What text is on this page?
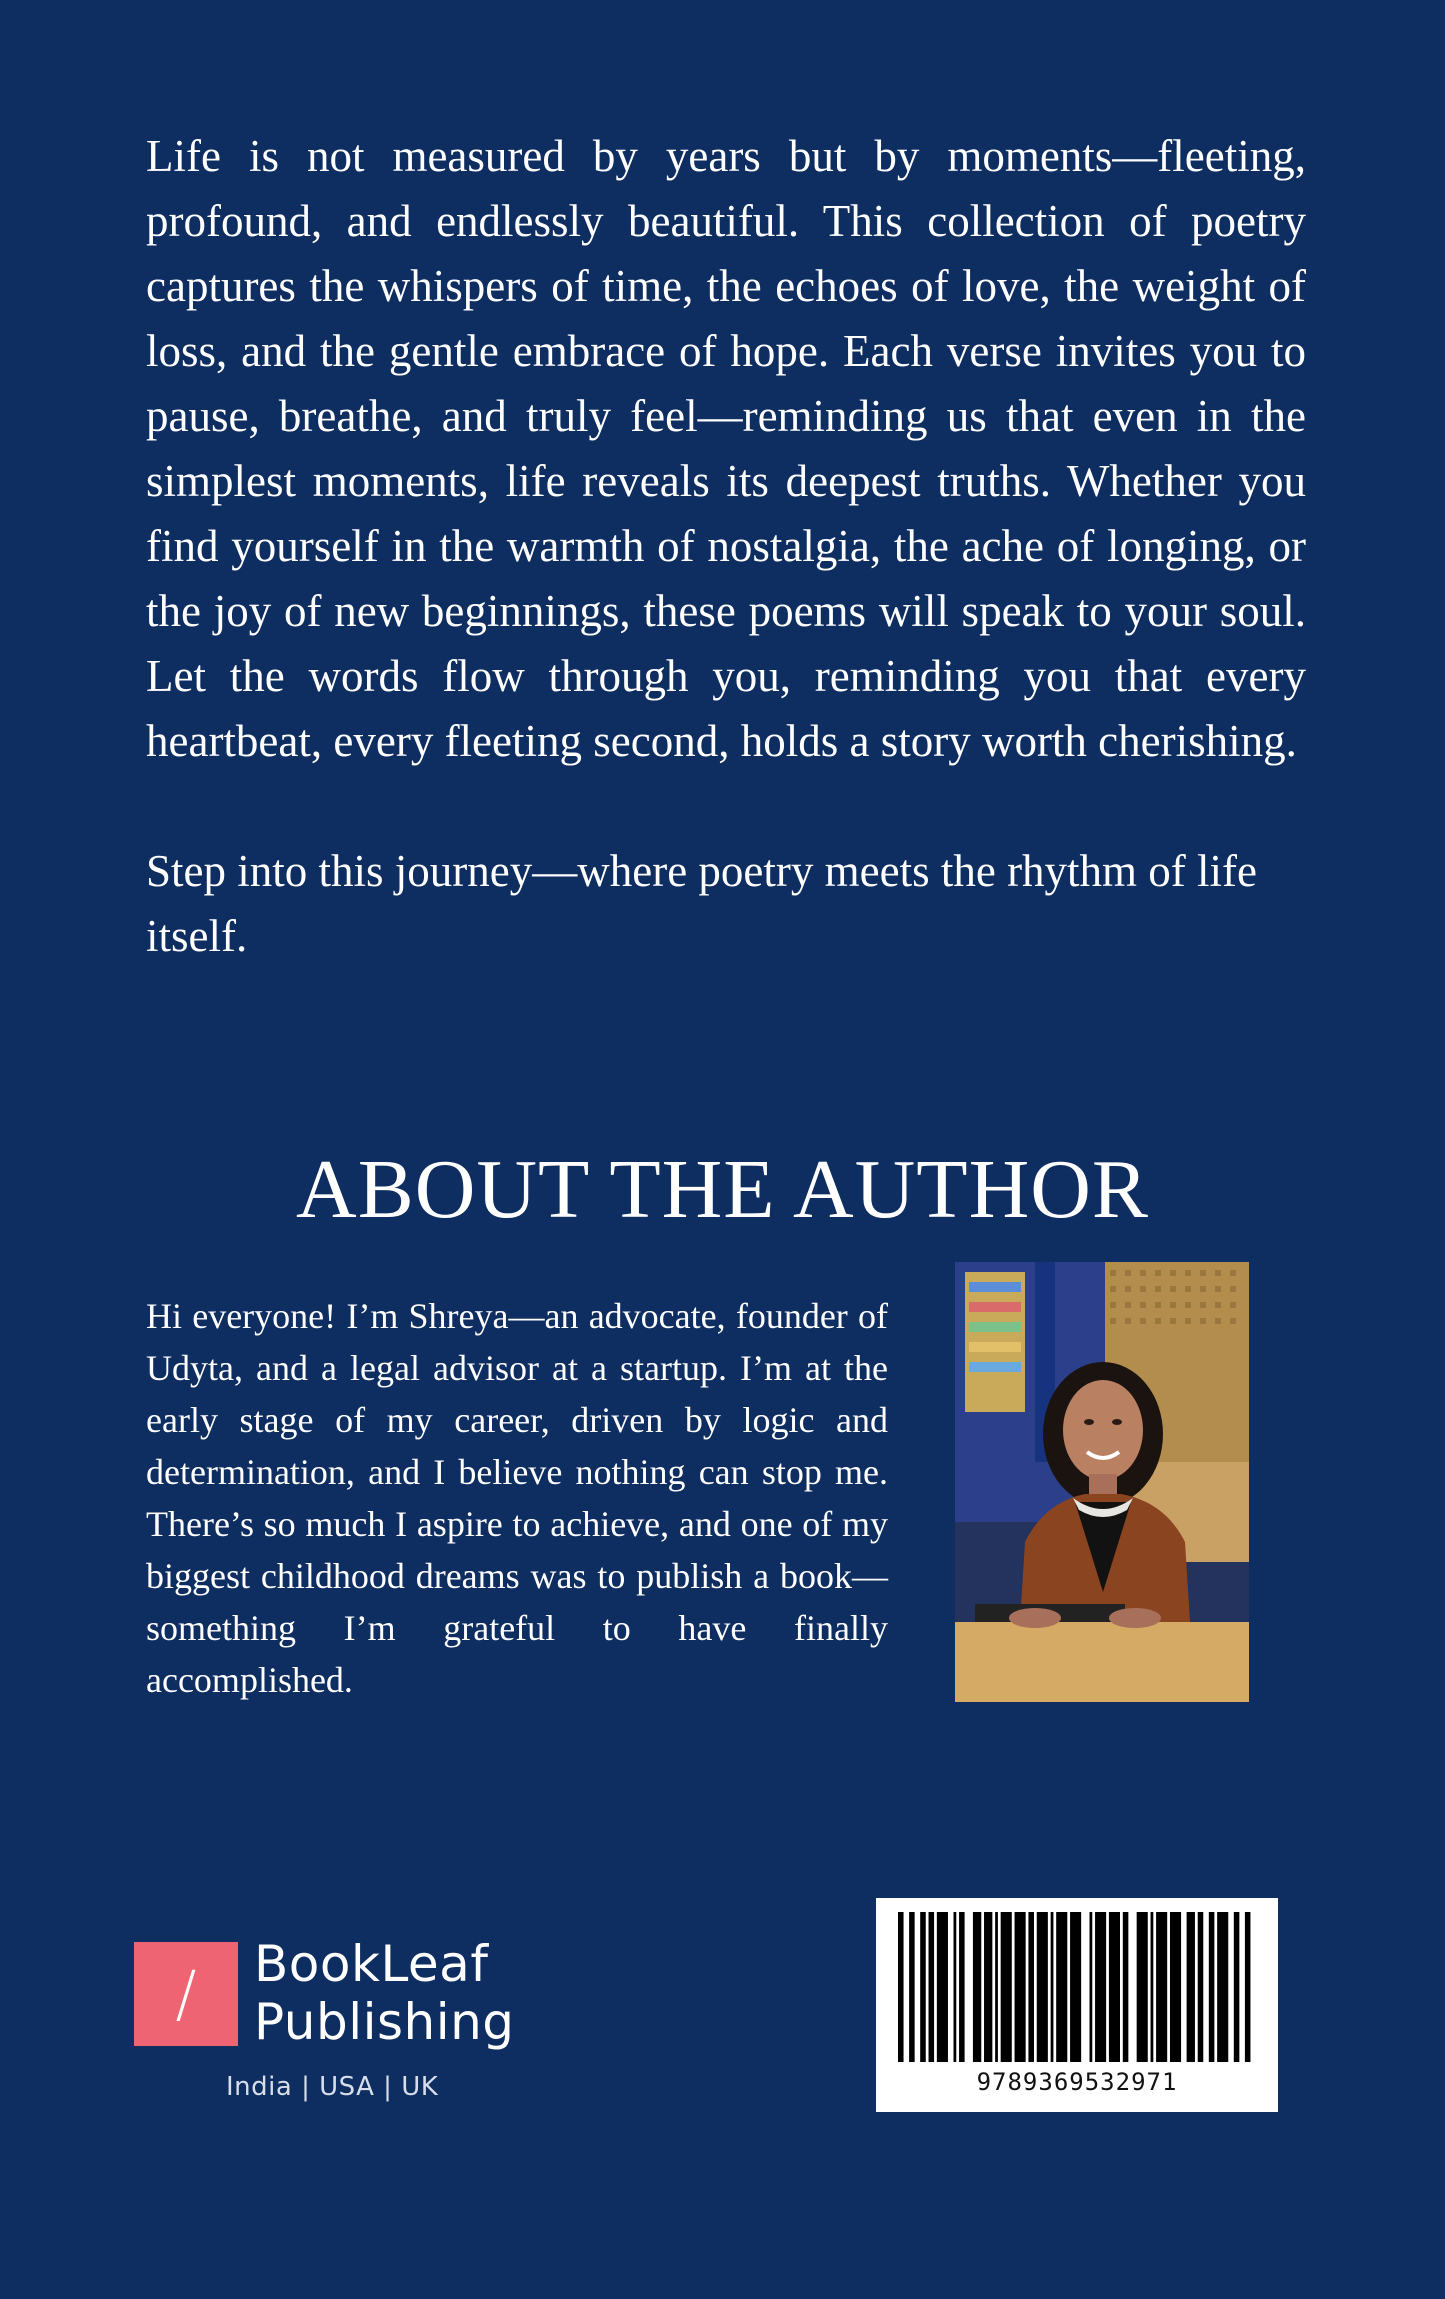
Life is not measured by years but by moments—fleeting, profound, and endlessly beautiful. This collection of poetry captures the whispers of time, the echoes of love, the weight of loss, and the gentle embrace of hope. Each verse invites you to pause, breathe, and truly feel—reminding us that even in the simplest moments, life reveals its deepest truths. Whether you find yourself in the warmth of nostalgia, the ache of longing, or the joy of new beginnings, these poems will speak to your soul. Let the words flow through you, reminding you that every heartbeat, every fleeting second, holds a story worth cherishing.

Step into this journey—where poetry meets the rhythm of life itself.

ABOUT THE AUTHOR

Hi everyone! I’m Shreya—an advocate, founder of Udyta, and a legal advisor at a startup. I’m at the early stage of my career, driven by logic and determination, and I believe nothing can stop me. There’s so much I aspire to achieve, and one of my biggest childhood dreams was to publish a book—something I’m grateful to have finally accomplished.

/	BookLeaf
Publishing
India | USA | UK	9789369532971
